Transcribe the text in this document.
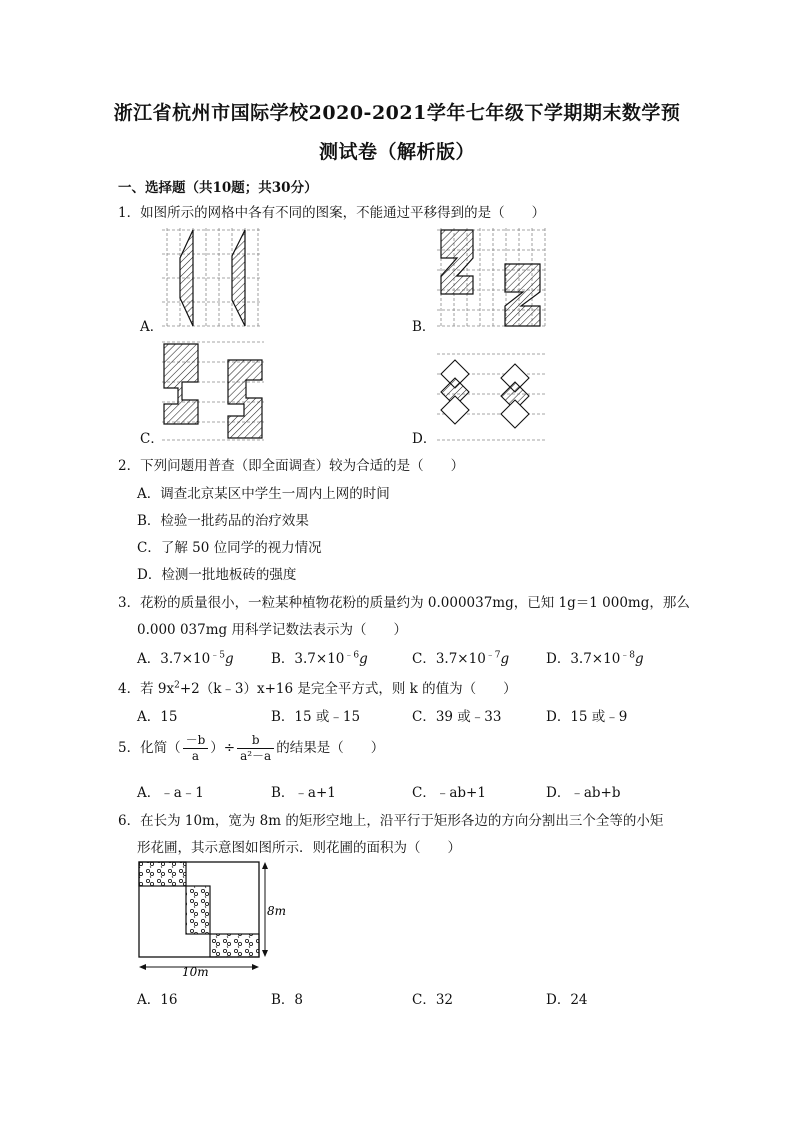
浙江省杭州市国际学校2020-2021学年七年级下学期期末数学预
测试卷（解析版）
一、选择题（共10题；共30分）
1．如图所示的网格中各有不同的图案，不能通过平移得到的是（　　）
A．	B．
C．	D．
2．下列问题用普查（即全面调查）较为合适的是（　　）
A．调查北京某区中学生一周内上网的时间
B．检验一批药品的治疗效果
C．了解 50 位同学的视力情况
D．检测一批地板砖的强度
3．花粉的质量很小，一粒某种植物花粉的质量约为 0.000037mg，已知 1g＝1 000mg，那么
0.000 037mg 用科学记数法表示为（　　）
A．$3.7\times 10^{﹣5}g$	B．$3.7\times 10^{﹣6}g$	C．$3.7\times 10^{﹣7}g$	D．$3.7\times 10^{﹣8}g$
4．若 $9x^2+2(k﹣3)x+16$ 是完全平方式，则 k 的值为（　　）
A．15	B．15 或﹣15	C．39 或﹣33	D．15 或﹣9
5．化简（ $\frac{-b}{a}$ ）÷ $\frac{b}{\text{a²－a}}$ 的结果是（　　）
A．﹣a﹣1	B．﹣a+1	C．﹣ab+1	D．﹣ab+b
6．在长为 10m，宽为 8m 的矩形空地上，沿平行于矩形各边的方向分割出三个全等的小矩
形花圃，其示意图如图所示．则花圃的面积为（　　）
8m
10m
A．16	B．8	C．32	D．24
